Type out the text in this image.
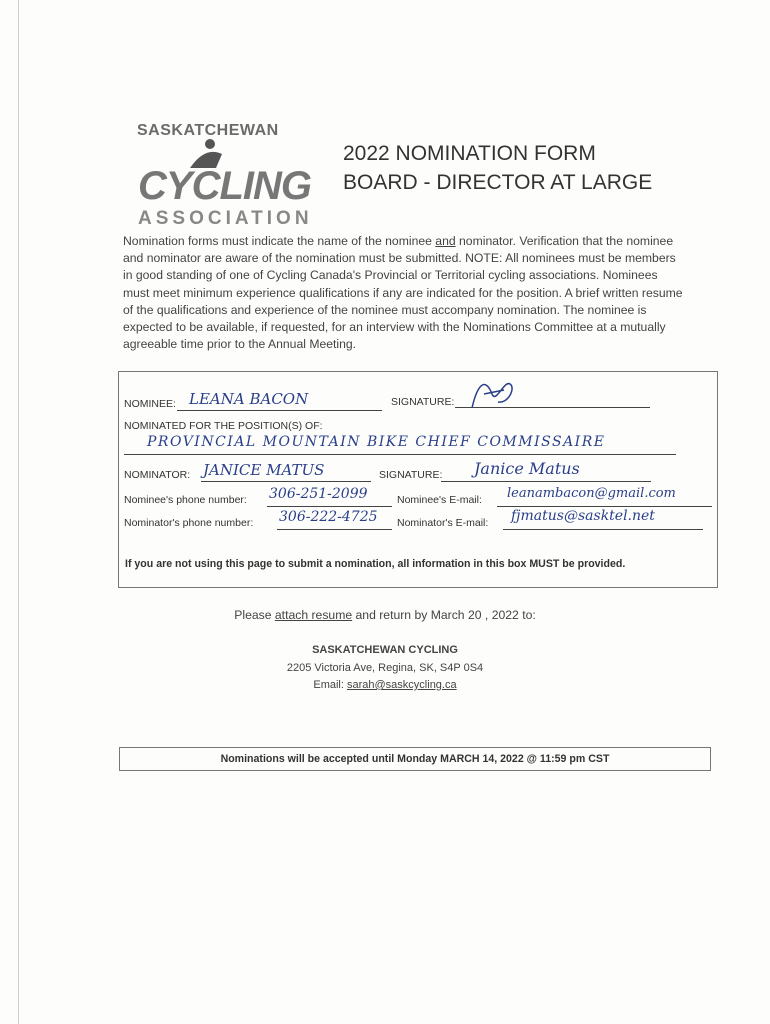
SASKATCHEWAN
CYCLING
ASSOCIATION
2022 NOMINATION FORM
BOARD - DIRECTOR AT LARGE
Nomination forms must indicate the name of the nominee and nominator. Verification that the nominee and nominator are aware of the nomination must be submitted. NOTE: All nominees must be members in good standing of one of Cycling Canada's Provincial or Territorial cycling associations. Nominees must meet minimum experience qualifications if any are indicated for the position. A brief written resume of the qualifications and experience of the nominee must accompany nomination. The nominee is expected to be available, if requested, for an interview with the Nominations Committee at a mutually agreeable time prior to the Annual Meeting.
NOMINEE: LEANA BACON	SIGNATURE:
NOMINATED FOR THE POSITION(S) OF:
PROVINCIAL MOUNTAIN BIKE CHIEF COMMISSAIRE
NOMINATOR: JANICE MATUS	SIGNATURE: Janice Matus
Nominee's phone number: 306-251-2099	Nominee's E-mail: leanambacon@gmail.com
Nominator's phone number: 306-222-4725 Nominator's E-mail: fjmatus@sasktel.net
If you are not using this page to submit a nomination, all information in this box MUST be provided.
Please attach resume and return by March 20 , 2022 to:
SASKATCHEWAN CYCLING
2205 Victoria Ave, Regina, SK, S4P 0S4
Email: sarah@saskcycling.ca
Nominations will be accepted until Monday MARCH 14, 2022 @ 11:59 pm CST
